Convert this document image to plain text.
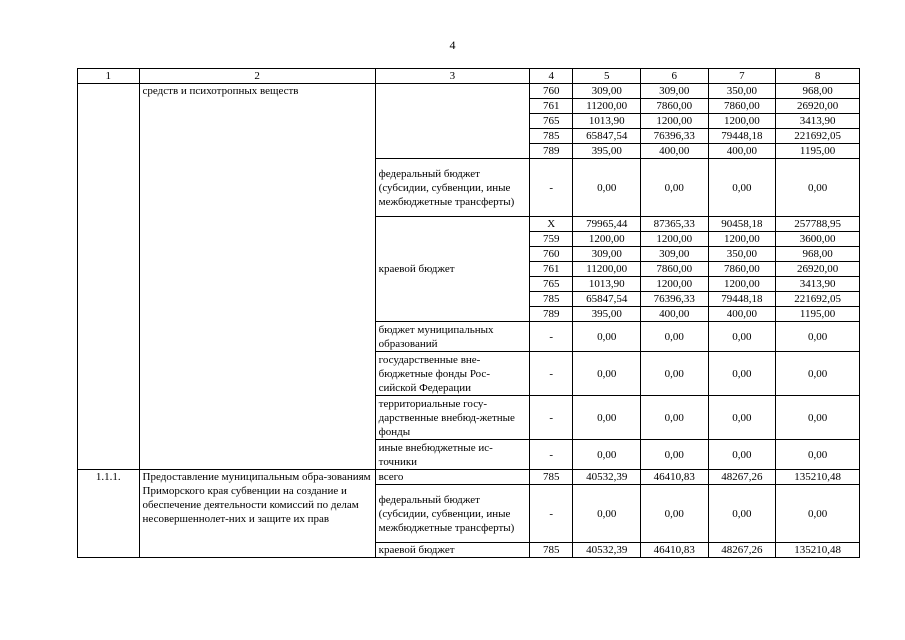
4
1	2	3	4	5	6	7	8
	средств и психотропных веществ		760	309,00	309,00	350,00	968,00
			761	11200,00	7860,00	7860,00	26920,00
			765	1013,90	1200,00	1200,00	3413,90
			785	65847,54	76396,33	79448,18	221692,05
			789	395,00	400,00	400,00	1195,00
		федеральный бюджет (субсидии, субвенции, иные межбюджетные трансферты)	-	0,00	0,00	0,00	0,00
		краевой бюджет	X	79965,44	87365,33	90458,18	257788,95
			759	1200,00	1200,00	1200,00	3600,00
			760	309,00	309,00	350,00	968,00
			761	11200,00	7860,00	7860,00	26920,00
			765	1013,90	1200,00	1200,00	3413,90
			785	65847,54	76396,33	79448,18	221692,05
			789	395,00	400,00	400,00	1195,00
		бюджет муниципальных образований	-	0,00	0,00	0,00	0,00
		государственные вне-бюджетные фонды Рос-сийской Федерации	-	0,00	0,00	0,00	0,00
		территориальные госу-дарственные внебюд-жетные фонды	-	0,00	0,00	0,00	0,00
		иные внебюджетные ис-точники	-	0,00	0,00	0,00	0,00
1.1.1.	Предоставление муниципальным обра-зованиям Приморского края субвенции на создание и обеспечение деятельности комиссий по делам несовершеннолет-них и защите их прав	всего	785	40532,39	46410,83	48267,26	135210,48
		федеральный бюджет (субсидии, субвенции, иные межбюджетные трансферты)	-	0,00	0,00	0,00	0,00
		краевой бюджет	785	40532,39	46410,83	48267,26	135210,48
